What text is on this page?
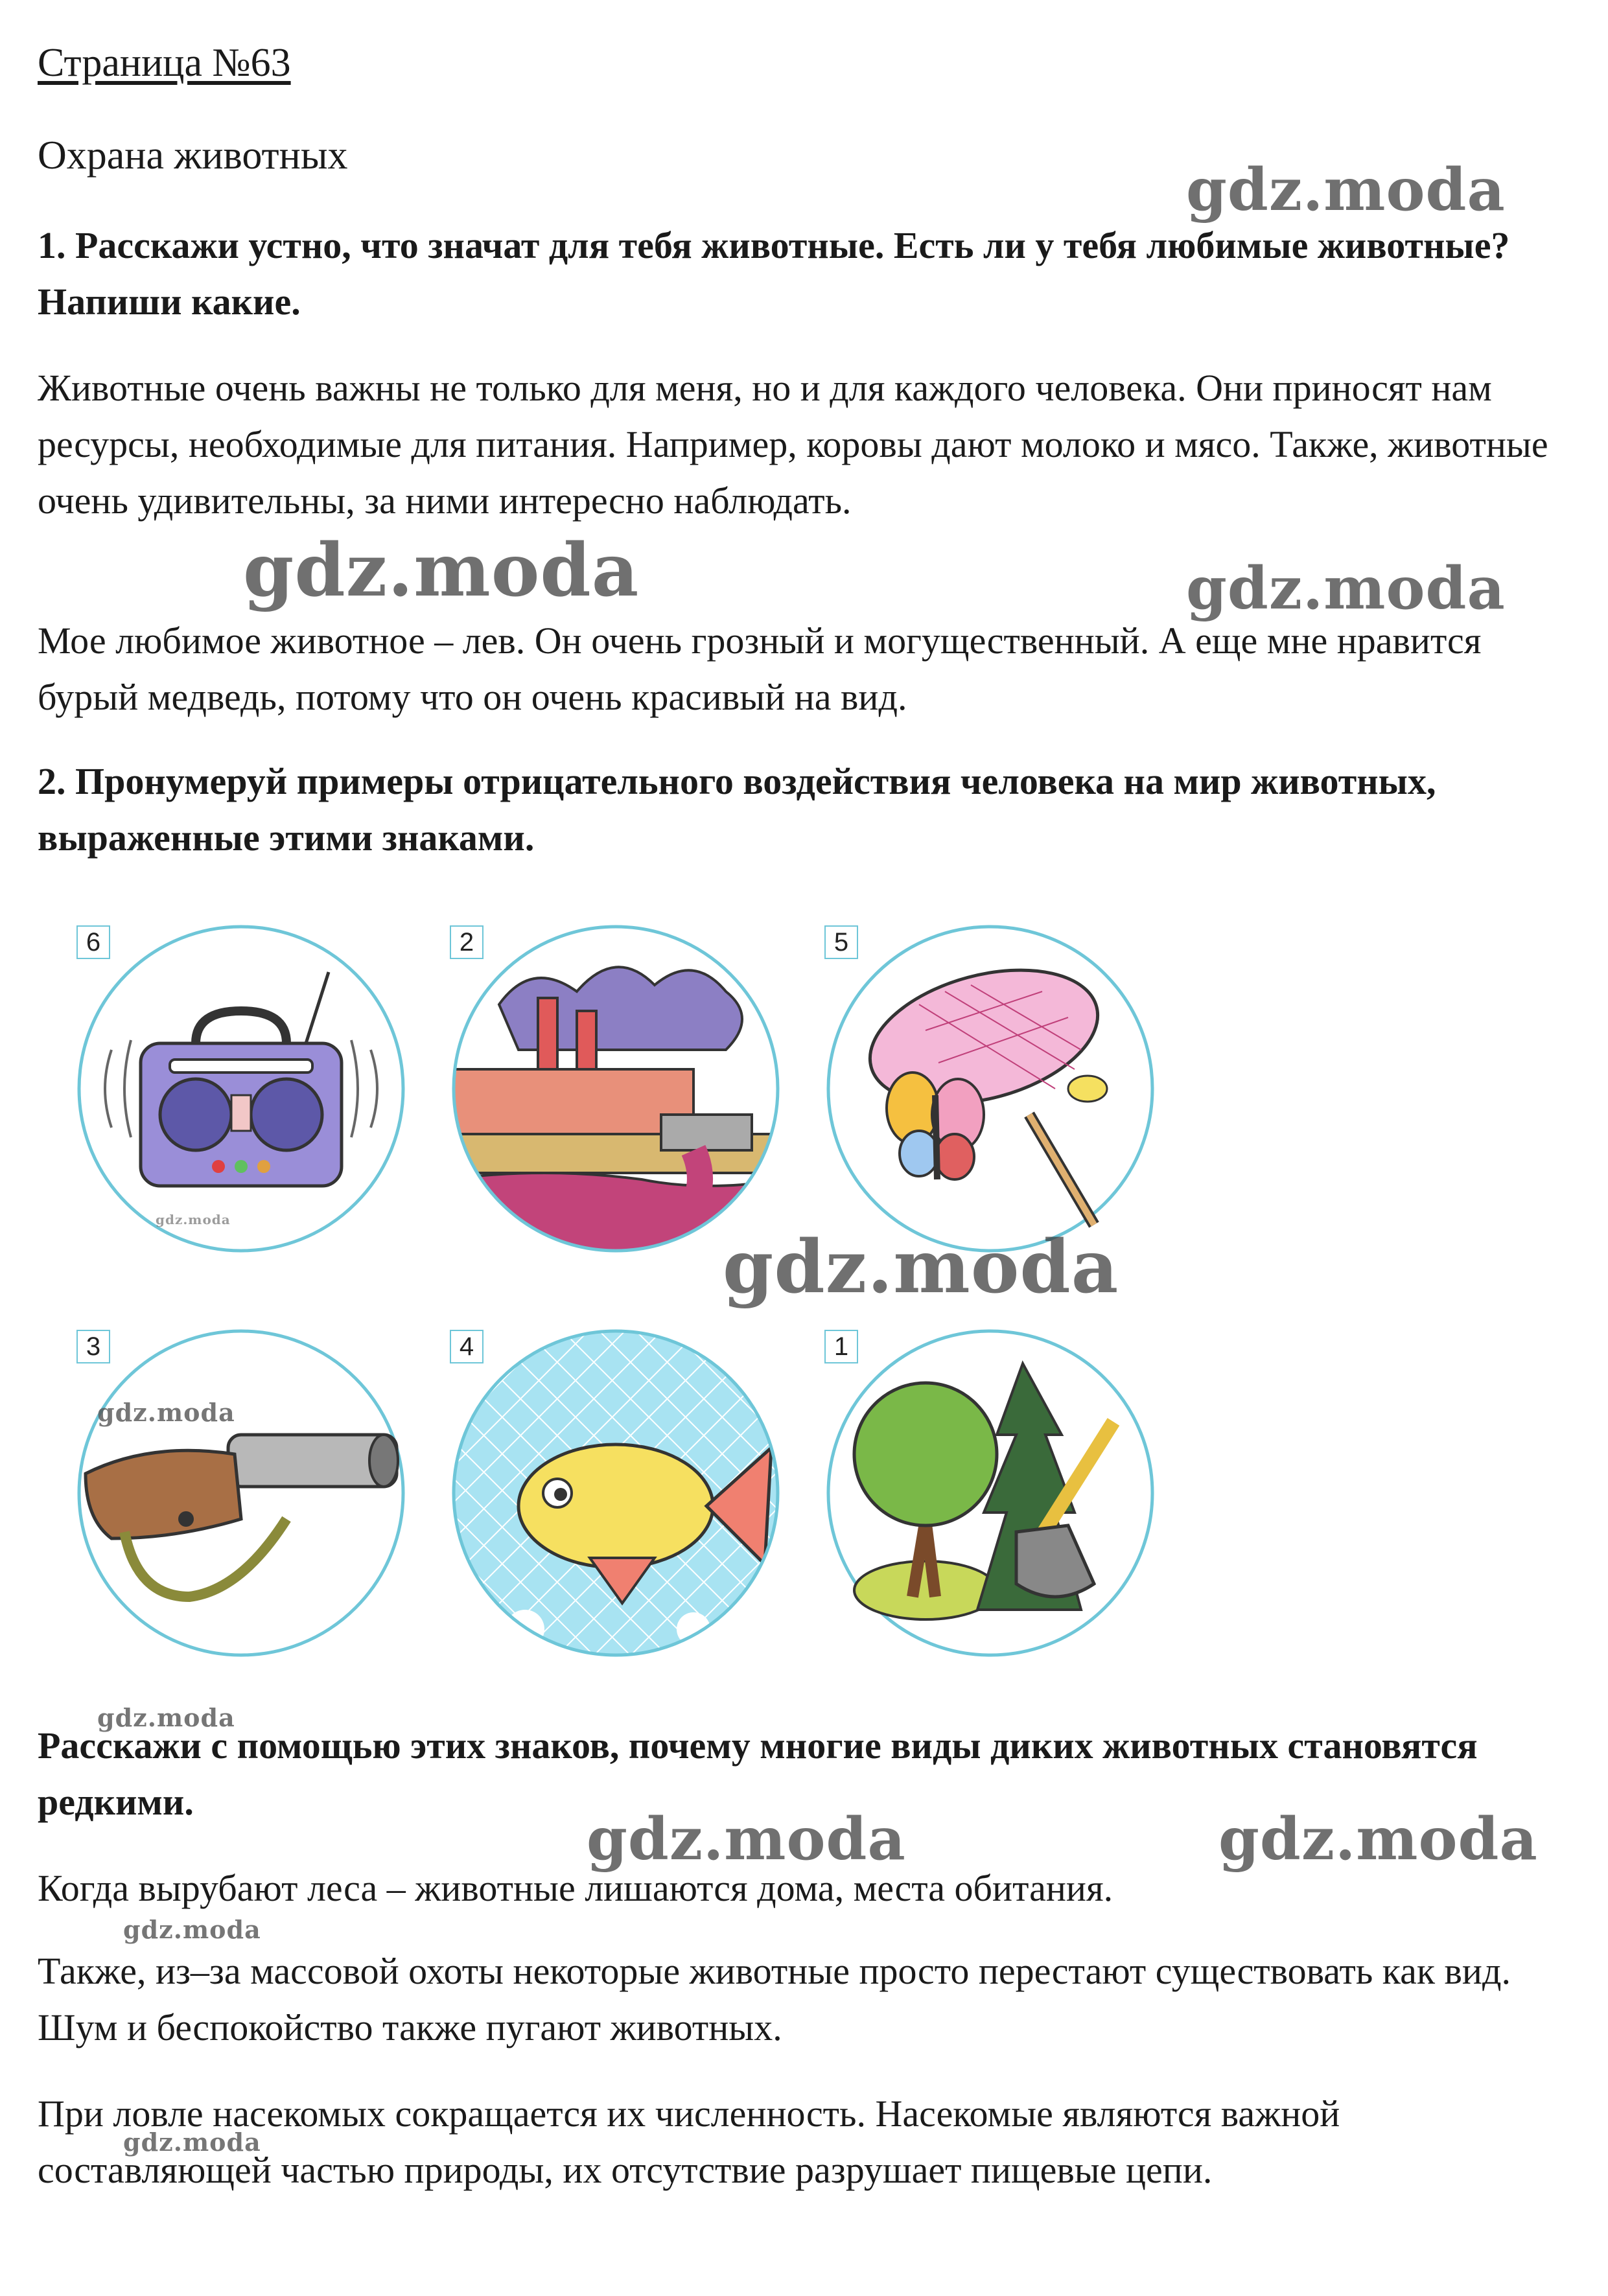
Страница №63
Охрана животных
1. Расскажи устно, что значат для тебя животные. Есть ли у тебя любимые животные? Напиши какие.
Животные очень важны не только для меня, но и для каждого человека. Они приносят нам ресурсы, необходимые для питания. Например, коровы дают молоко и мясо. Также, животные очень удивительны, за ними интересно наблюдать.
Мое любимое животное – лев. Он очень грозный и могущественный. А еще мне нравится бурый медведь, потому что он очень красивый на вид.
2. Пронумеруй примеры отрицательного воздействия человека на мир животных, выраженные этими знаками.
6	2	5
3	4	1
Расскажи с помощью этих знаков, почему многие виды диких животных становятся редкими.
Когда вырубают леса – животные лишаются дома, места обитания.
Также, из–за массовой охоты некоторые животные просто перестают существовать как вид. Шум и беспокойство также пугают животных.
При ловле насекомых сокращается их численность. Насекомые являются важной составляющей частью природы, их отсутствие разрушает пищевые цепи.
gdz.moda
gdz.moda	gdz.moda
gdz.moda
gdz.moda	gdz.moda
gdz.moda
gdz.moda
gdz.moda
gdz.moda
gdz.moda
